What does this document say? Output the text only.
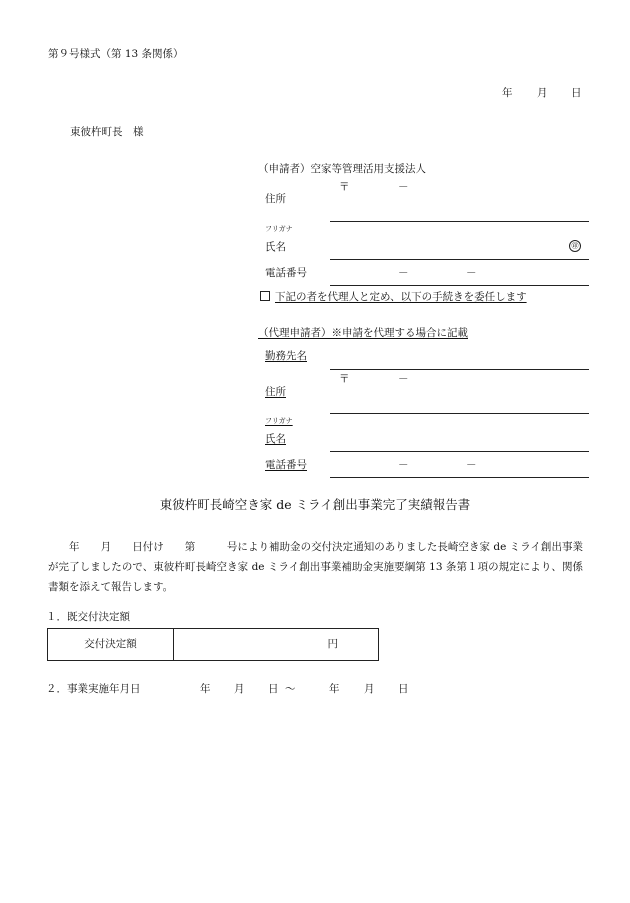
第９号様式（第 13 条関係）
年 月 日
東彼杵町長　様
（申請者）空家等管理活用支援法人
〒	－
住所
フリガナ
氏名	㊞
電話番号	－	－
下記の者を代理人と定め、以下の手続きを委任します
（代理申請者）※申請を代理する場合に記載
勤務先名
〒	－
住所
フリガナ
氏名
電話番号	－	－
東彼杵町長崎空き家 de ミライ創出事業完了実績報告書
　　年　　月　　日付け　　第　　　号により補助金の交付決定通知のありました長崎空き家 de ミライ創出事業が完了しましたので、東彼杵町長崎空き家 de ミライ創出事業補助金実施要綱第 13 条第１項の規定により、関係書類を添えて報告します。
１．既交付決定額
交付決定額	円
２．事業実施年月日	年 月 日 ～	年 月 日
